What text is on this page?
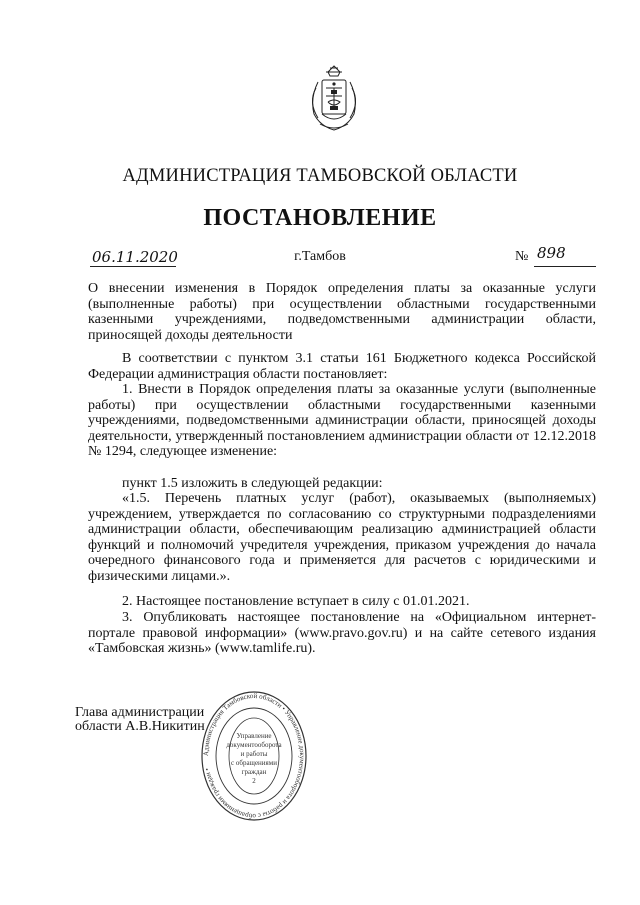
АДМИНИСТРАЦИЯ ТАМБОВСКОЙ ОБЛАСТИ
ПОСТАНОВЛЕНИЕ
06.11.2020	г.Тамбов	№ 898
О внесении изменения в Порядок определения платы за оказанные услуги (выполненные работы) при осуществлении областными государственными казенными учреждениями, подведомственными администрации области, приносящей доходы деятельности
В соответствии с пунктом 3.1 статьи 161 Бюджетного кодекса Российской Федерации администрация области постановляет:
1. Внести в Порядок определения платы за оказанные услуги (выполненные работы) при осуществлении областными государственными казенными учреждениями, подведомственными администрации области, приносящей доходы деятельности, утвержденный постановлением администрации области от 12.12.2018 № 1294, следующее изменение:
пункт 1.5 изложить в следующей редакции:
«1.5. Перечень платных услуг (работ), оказываемых (выполняемых) учреждением, утверждается по согласованию со структурными подразделениями администрации области, обеспечивающим реализацию администрацией области функций и полномочий учредителя учреждения, приказом учреждения до начала очередного финансового года и применяется для расчетов с юридическими и физическими лицами.».
2. Настоящее постановление вступает в силу с 01.01.2021.
3. Опубликовать настоящее постановление на «Официальном интернет-портале правовой информации» (www.pravo.gov.ru) и на сайте сетевого издания «Тамбовская жизнь» (www.tamlife.ru).
Глава администрации
области А.В.Никитин
Администрация Тамбовской области • Управление документооборота и работы с обращениями граждан •
Управление
документооборота
и работы
с обращениями
граждан
2
